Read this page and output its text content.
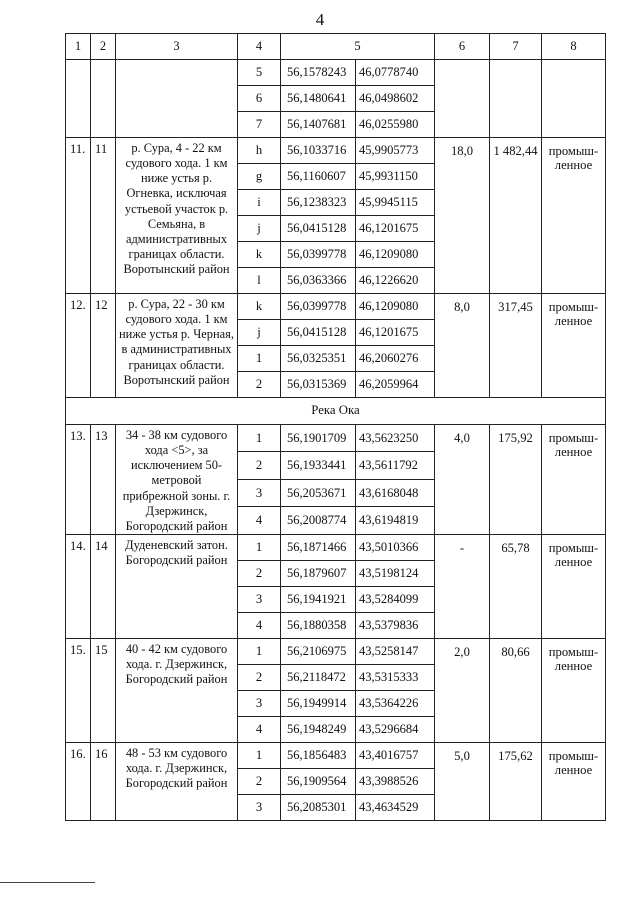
4
1	2	3	4	5		6	7	8
			5	56,1578243	46,0778740			
			6	56,1480641	46,0498602			
			7	56,1407681	46,0255980			
11.	11	р. Сура, 4 - 22 км судового хода. 1 км ниже устья р. Огневка, исключая устьевой участок р. Семьяна, в административных границах области. Воротынский район	h	56,1033716	45,9905773	18,0	1 482,44	промыш-ленное
			g	56,1160607	45,9931150			
			i	56,1238323	45,9945115			
			j	56,0415128	46,1201675			
			k	56,0399778	46,1209080			
			l	56,0363366	46,1226620			
12.	12	р. Сура, 22 - 30 км судового хода. 1 км ниже устья р. Черная, в административных границах области. Воротынский район	k	56,0399778	46,1209080	8,0	317,45	промыш-ленное
			j	56,0415128	46,1201675			
			1	56,0325351	46,2060276			
			2	56,0315369	46,2059964			
Река Ока								
13.	13	34 - 38 км судового хода <5>, за исключением 50-метровой прибрежной зоны. г. Дзержинск, Богородский район	1	56,1901709	43,5623250	4,0	175,92	промыш-ленное
			2	56,1933441	43,5611792			
			3	56,2053671	43,6168048			
			4	56,2008774	43,6194819			
14.	14	Дуденевский затон. Богородский район	1	56,1871466	43,5010366	-	65,78	промыш-ленное
			2	56,1879607	43,5198124			
			3	56,1941921	43,5284099			
			4	56,1880358	43,5379836			
15.	15	40 - 42 км судового хода. г. Дзержинск, Богородский район	1	56,2106975	43,5258147	2,0	80,66	промыш-ленное
			2	56,2118472	43,5315333			
			3	56,1949914	43,5364226			
			4	56,1948249	43,5296684			
16.	16	48 - 53 км судового хода. г. Дзержинск, Богородский район	1	56,1856483	43,4016757	5,0	175,62	промыш-ленное
			2	56,1909564	43,3988526			
			3	56,2085301	43,4634529			
